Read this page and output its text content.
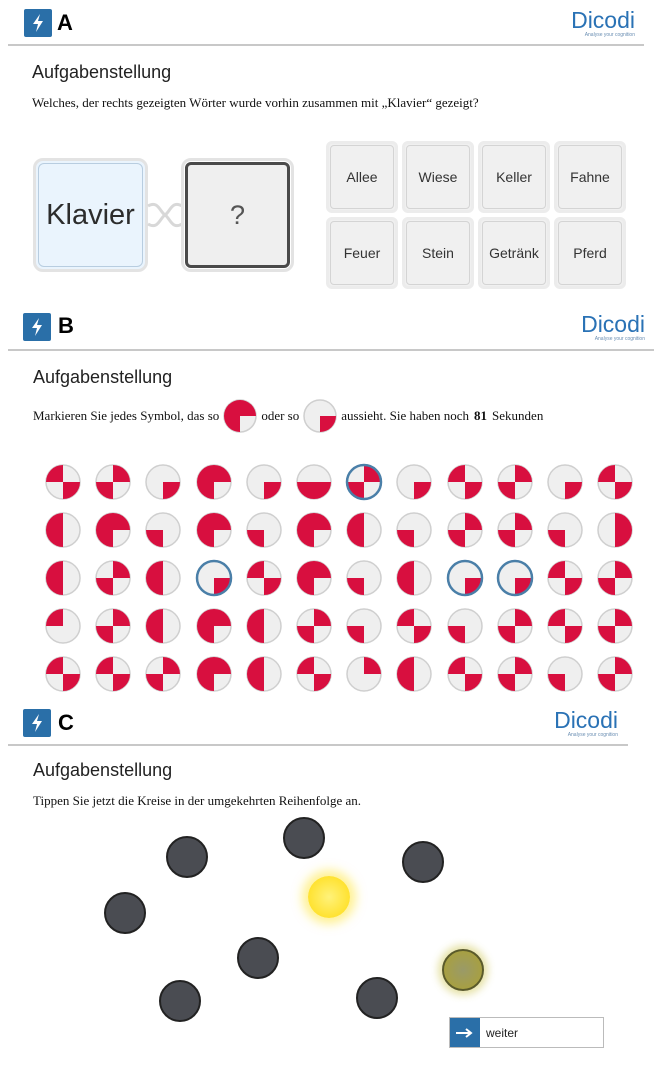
A	Dicodi
Analyse your cognition
Aufgabenstellung
Welches, der rechts gezeigten Wörter wurde vorhin zusammen mit „Klavier“ gezeigt?
Klavier	?
Allee	Wiese	Keller	Fahne
Feuer	Stein	Getränk	Pferd
B	Dicodi
Analyse your cognition
Aufgabenstellung
Markieren Sie jedes Symbol, das so	oder so	aussieht. Sie haben noch 81 Sekunden
C	Dicodi
Analyse your cognition
Aufgabenstellung
Tippen Sie jetzt die Kreise in der umgekehrten Reihenfolge an.
weiter
